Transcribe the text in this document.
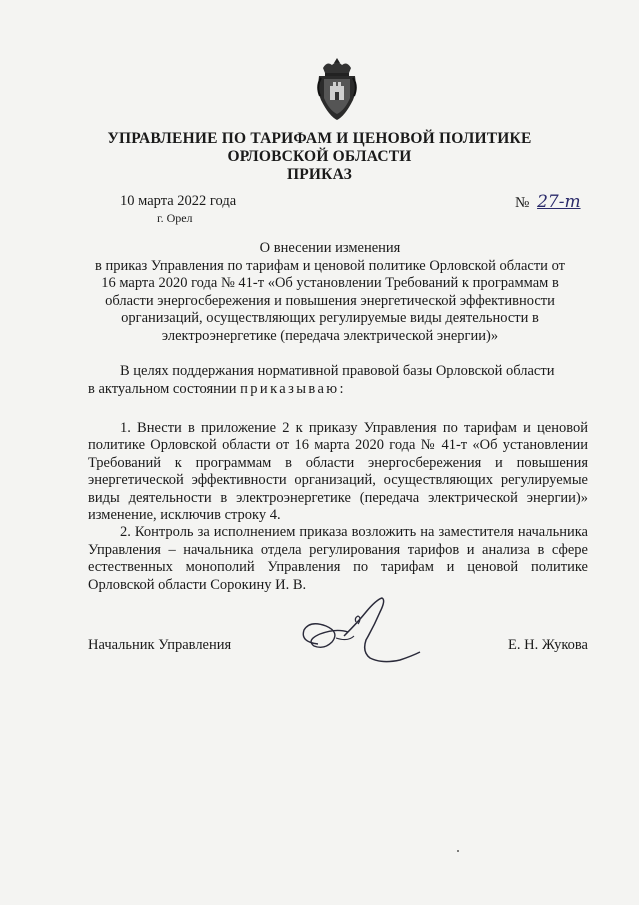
УПРАВЛЕНИЕ ПО ТАРИФАМ И ЦЕНОВОЙ ПОЛИТИКЕ
ОРЛОВСКОЙ ОБЛАСТИ
ПРИКАЗ
10 марта 2022 года
г. Орел
№ 27-т
О внесении изменения
в приказ Управления по тарифам и ценовой политике Орловской области от
16 марта 2020 года № 41-т «Об установлении Требований к программам в
области энергосбережения и повышения энергетической эффективности
организаций, осуществляющих регулируемые виды деятельности в
электроэнергетике (передача электрической энергии)»
В целях поддержания нормативной правовой базы Орловской области
в актуальном состоянии приказываю:

1. Внести в приложение 2 к приказу Управления по тарифам и ценовой политике Орловской области от 16 марта 2020 года № 41-т «Об установлении Требований к программам в области энергосбережения и повышения энергетической эффективности организаций, осуществляющих регулируемые виды деятельности в электроэнергетике (передача электрической энергии)» изменение, исключив строку 4.

2. Контроль за исполнением приказа возложить на заместителя начальника Управления – начальника отдела регулирования тарифов и анализа в сфере естественных монополий Управления по тарифам и ценовой политике Орловской области Сорокину И. В.

Начальник Управления	Е. Н. Жукова
